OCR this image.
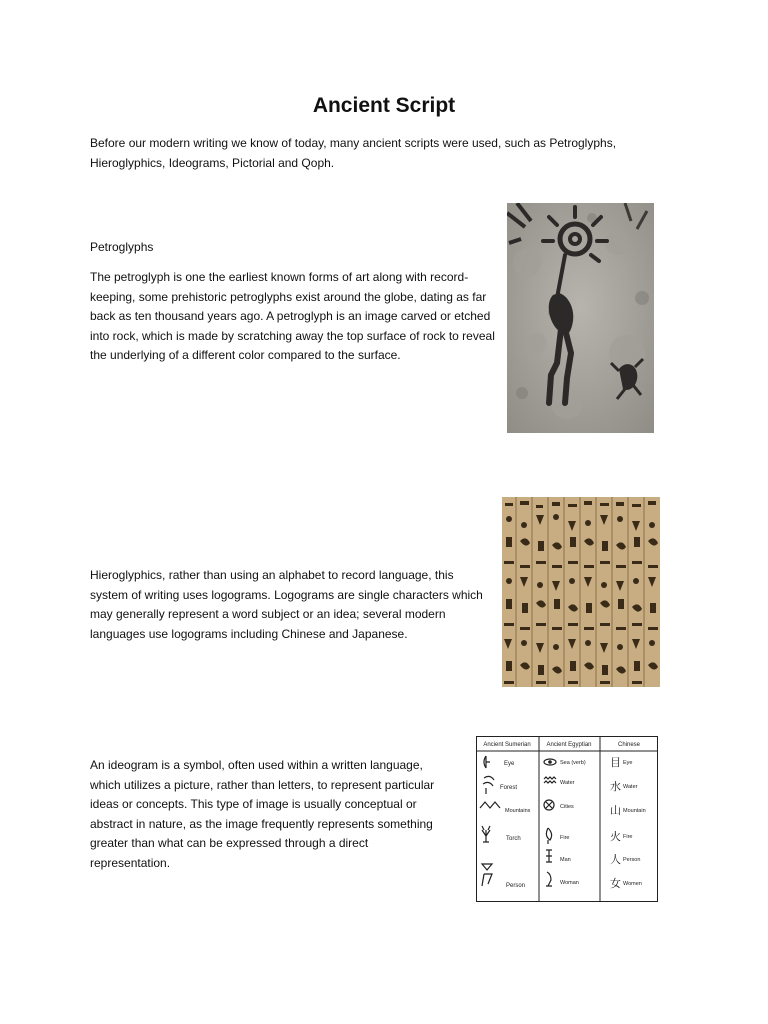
Ancient Script

Before our modern writing we know of today, many ancient scripts were used, such as Petroglyphs, Hieroglyphics, Ideograms, Pictorial and Qoph.

Petroglyphs

The petroglyph is one the earliest known forms of art along with record-keeping, some prehistoric petroglyphs exist around the globe, dating as far back as ten thousand years ago. A petroglyph is an image carved or etched into rock, which is made by scratching away the top surface of rock to reveal the underlying of a different color compared to the surface.

Hieroglyphics, rather than using an alphabet to record language, this system of writing uses logograms. Logograms are single characters which may generally represent a word subject or an idea; several modern languages use logograms including Chinese and Japanese.

An ideogram is a symbol, often used within a written language, which utilizes a picture, rather than letters, to represent particular ideas or concepts. This type of image is usually conceptual or abstract in nature, as the image frequently represents something greater than what can be expressed through a direct representation.

Ancient Sumerian	Ancient Egyptian	Chinese
Eye
Forest
Mountains
Torch
Person
Sea (verb)
Water
Cities
Fire
Man
Woman
目
水
山
火
人
女
Eye
Water
Mountain
Fire
Person
Women
